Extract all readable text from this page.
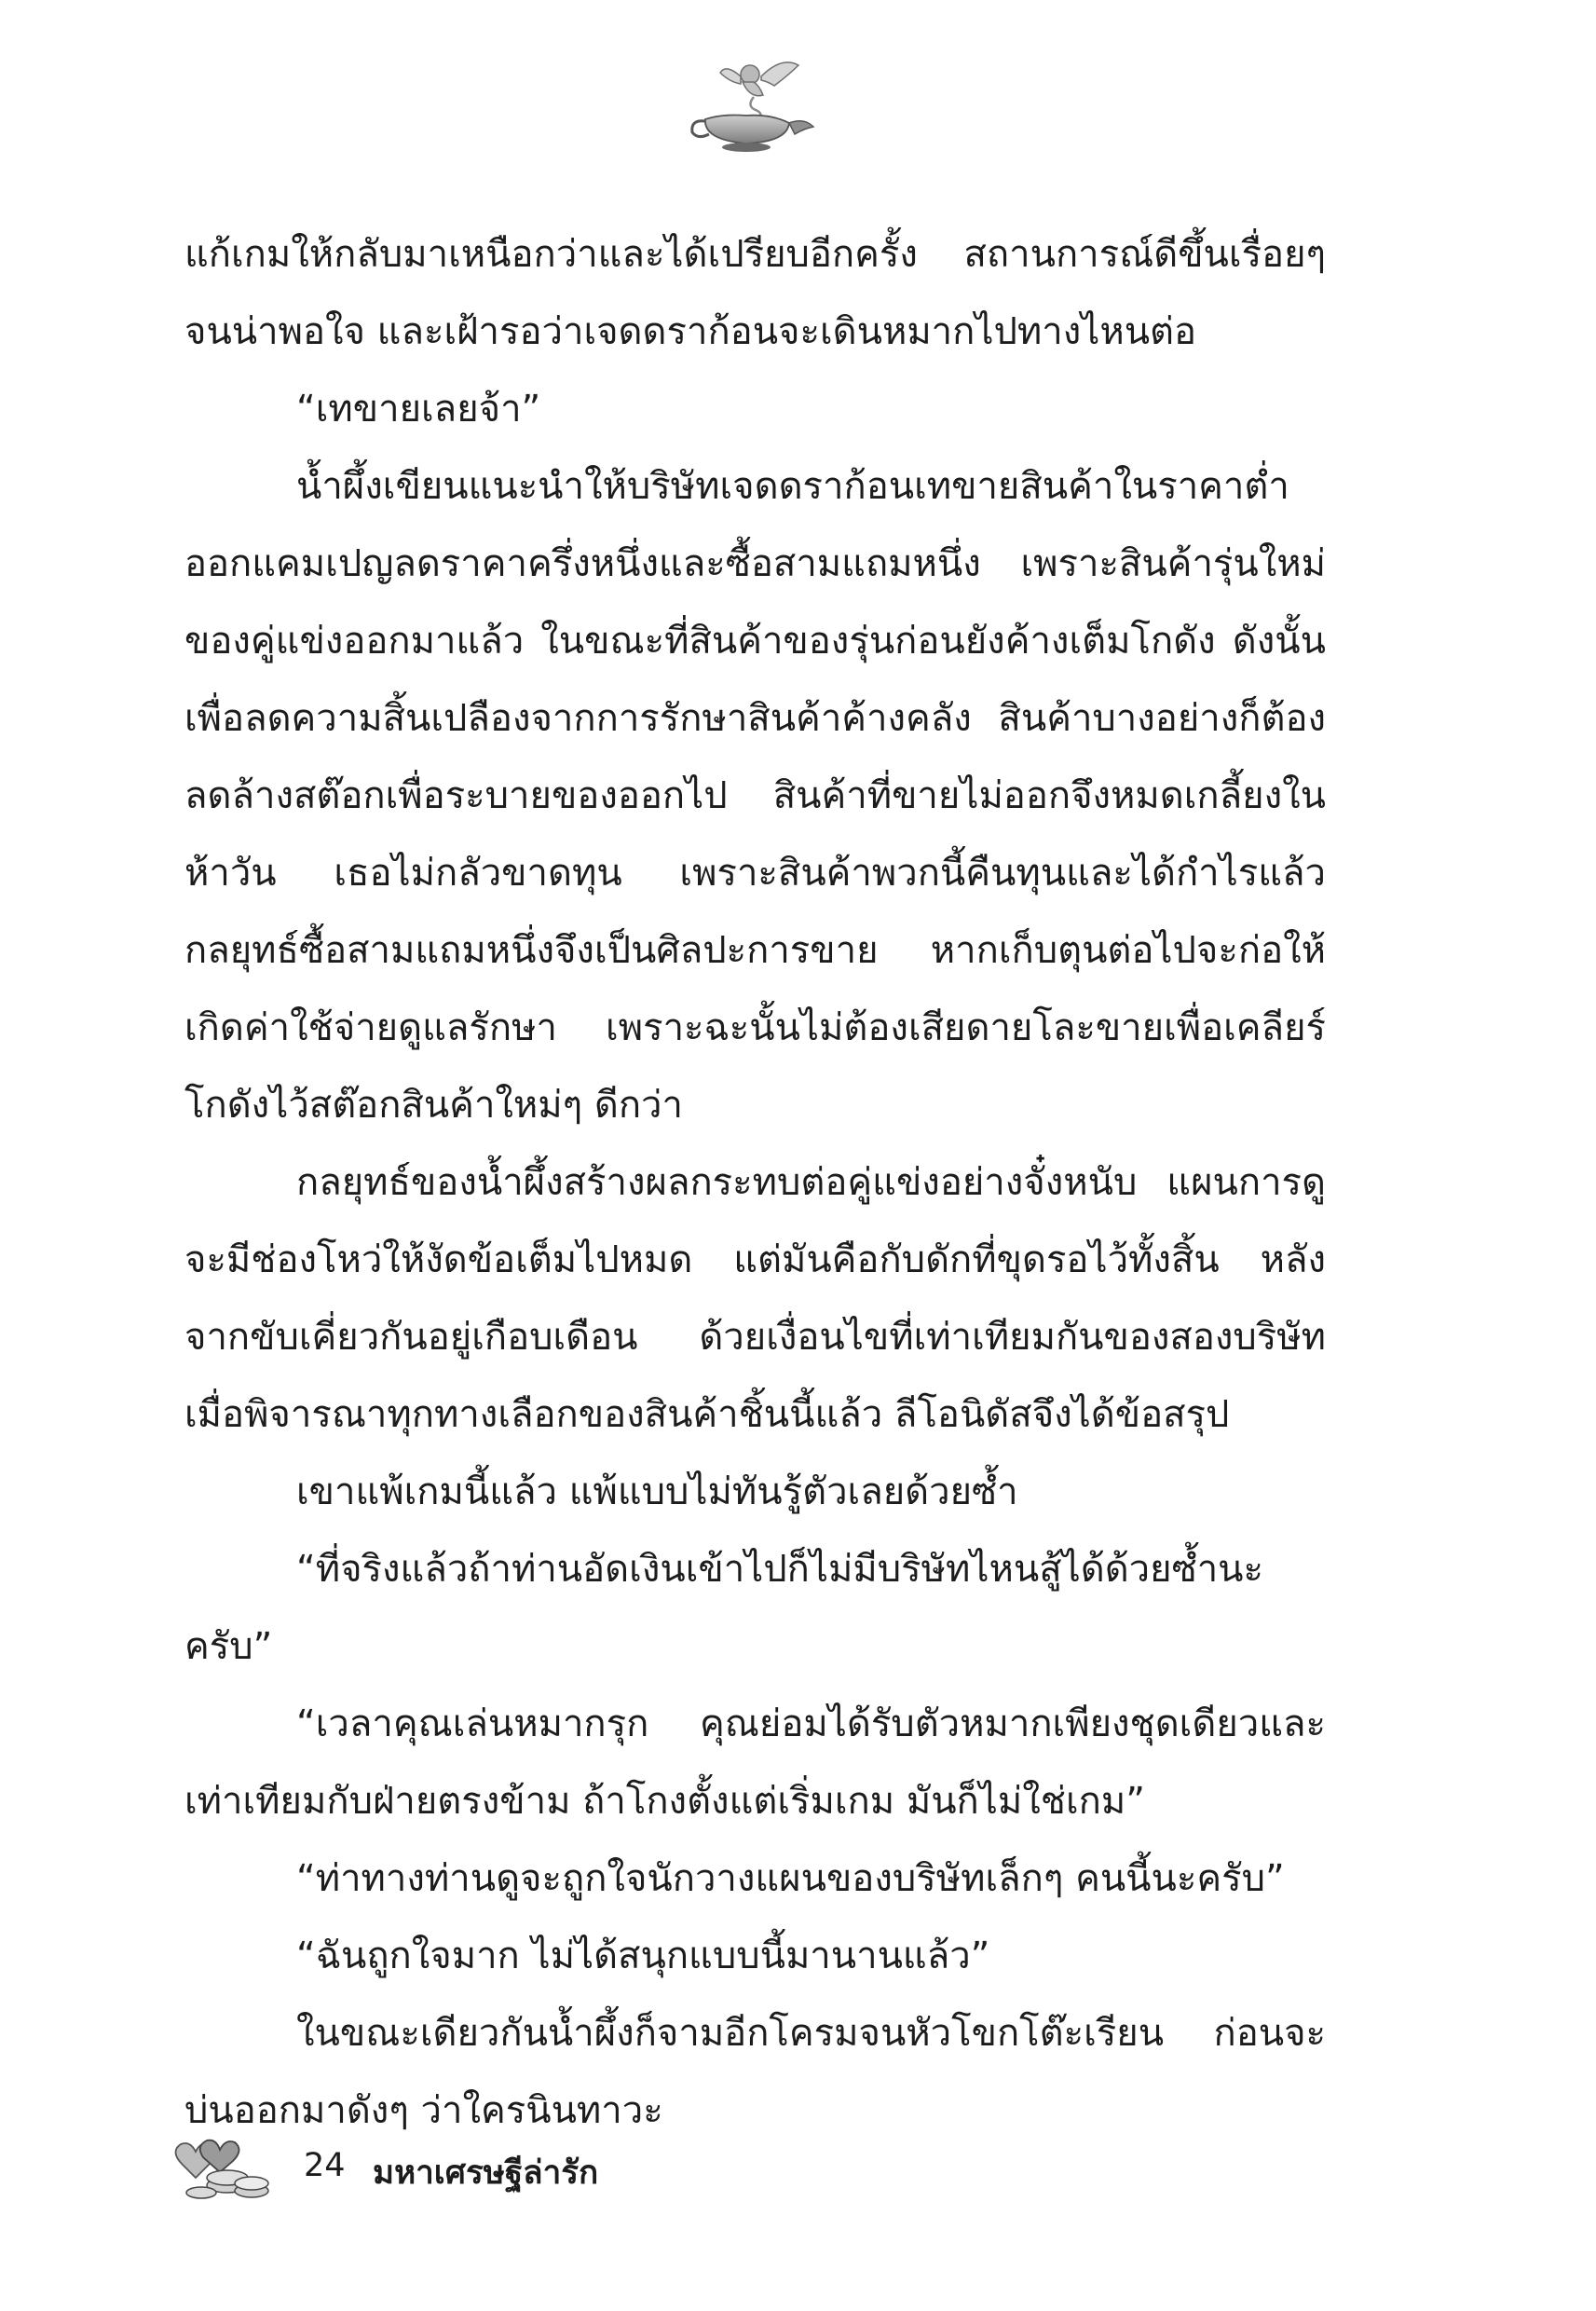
แก้เกมให้กลับมาเหนือกว่าและได้เปรียบอีกครั้ง สถานการณ์ดีขึ้นเรื่อยๆ จนน่าพอใจ และเฝ้ารอว่าเจดดราก้อนจะเดินหมากไปทางไหนต่อ

“เทขายเลยจ้า”

น้ำผึ้งเขียนแนะนำให้บริษัทเจดดราก้อนเทขายสินค้าในราคาต่ำ ออกแคมเปญลดราคาครึ่งหนึ่งและซื้อสามแถมหนึ่ง เพราะสินค้ารุ่นใหม่ของคู่แข่งออกมาแล้ว ในขณะที่สินค้าของรุ่นก่อนยังค้างเต็มโกดัง ดังนั้นเพื่อลดความสิ้นเปลืองจากการรักษาสินค้าค้างคลัง สินค้าบางอย่างก็ต้องลดล้างสต๊อกเพื่อระบายของออกไป สินค้าที่ขายไม่ออกจึงหมดเกลี้ยงในห้าวัน เธอไม่กลัวขาดทุน เพราะสินค้าพวกนี้คืนทุนและได้กำไรแล้ว กลยุทธ์ซื้อสามแถมหนึ่งจึงเป็นศิลปะการขาย หากเก็บตุนต่อไปจะก่อให้เกิดค่าใช้จ่ายดูแลรักษา เพราะฉะนั้นไม่ต้องเสียดายโละขายเพื่อเคลียร์โกดังไว้สต๊อกสินค้าใหม่ๆ ดีกว่า

กลยุทธ์ของน้ำผึ้งสร้างผลกระทบต่อคู่แข่งอย่างจั๋งหนับ แผนการดูจะมีช่องโหว่ให้งัดข้อเต็มไปหมด แต่มันคือกับดักที่ขุดรอไว้ทั้งสิ้น หลังจากขับเคี่ยวกันอยู่เกือบเดือน ด้วยเงื่อนไขที่เท่าเทียมกันของสองบริษัท เมื่อพิจารณาทุกทางเลือกของสินค้าชิ้นนี้แล้ว ลีโอนิดัสจึงได้ข้อสรุป

เขาแพ้เกมนี้แล้ว แพ้แบบไม่ทันรู้ตัวเลยด้วยซ้ำ

“ที่จริงแล้วถ้าท่านอัดเงินเข้าไปก็ไม่มีบริษัทไหนสู้ได้ด้วยซ้ำนะครับ”

“เวลาคุณเล่นหมากรุก คุณย่อมได้รับตัวหมากเพียงชุดเดียวและเท่าเทียมกับฝ่ายตรงข้าม ถ้าโกงตั้งแต่เริ่มเกม มันก็ไม่ใช่เกม”

“ท่าทางท่านดูจะถูกใจนักวางแผนของบริษัทเล็กๆ คนนี้นะครับ”

“ฉันถูกใจมาก ไม่ได้สนุกแบบนี้มานานแล้ว”

ในขณะเดียวกันน้ำผึ้งก็จามอีกโครมจนหัวโขกโต๊ะเรียน ก่อนจะบ่นออกมาดังๆ ว่าใครนินทาวะ

24 มหาเศรษฐีล่ารัก
